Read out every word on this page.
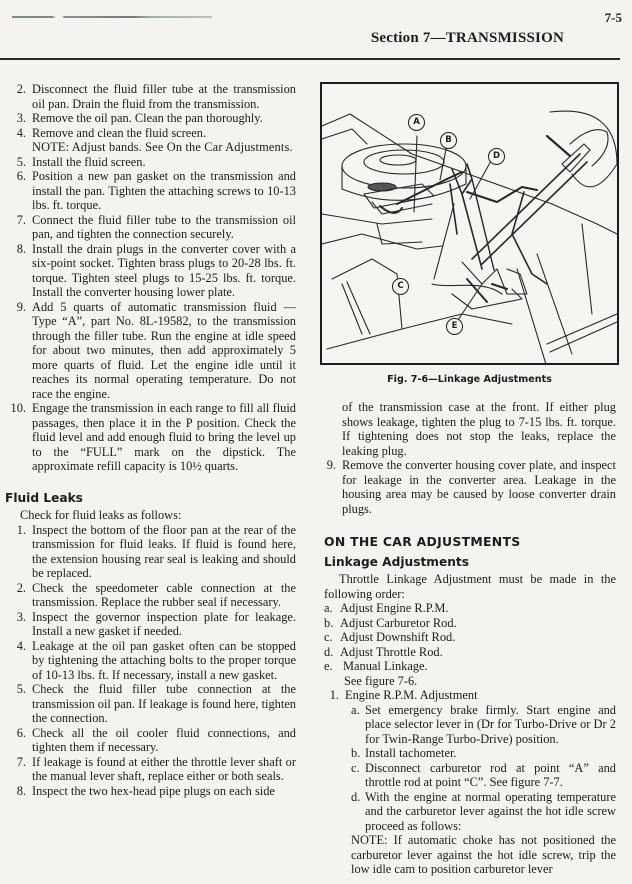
7-5
Section 7—TRANSMISSION
2. Disconnect the fluid filler tube at the transmission oil pan. Drain the fluid from the transmission.
3. Remove the oil pan. Clean the pan thoroughly.
4. Remove and clean the fluid screen.
NOTE: Adjust bands. See On the Car Adjustments.
5. Install the fluid screen.
6. Position a new pan gasket on the transmission and install the pan. Tighten the attaching screws to 10-13 lbs. ft. torque.
7. Connect the fluid filler tube to the transmission oil pan, and tighten the connection securely.
8. Install the drain plugs in the converter cover with a six-point socket. Tighten brass plugs to 20-28 lbs. ft. torque. Tighten steel plugs to 15-25 lbs. ft. torque. Install the converter housing lower plate.
9. Add 5 quarts of automatic transmission fluid — Type “A”, part No. 8L-19582, to the transmission through the filler tube. Run the engine at idle speed for about two minutes, then add approximately 5 more quarts of fluid. Let the engine idle until it reaches its normal operating temperature. Do not race the engine.
10. Engage the transmission in each range to fill all fluid passages, then place it in the P position. Check the fluid level and add enough fluid to bring the level up to the “FULL” mark on the dipstick. The approximate refill capacity is 10½ quarts.
Fluid Leaks
Check for fluid leaks as follows:
1. Inspect the bottom of the floor pan at the rear of the transmission for fluid leaks. If fluid is found here, the extension housing rear seal is leaking and should be replaced.
2. Check the speedometer cable connection at the transmission. Replace the rubber seal if necessary.
3. Inspect the governor inspection plate for leakage. Install a new gasket if needed.
4. Leakage at the oil pan gasket often can be stopped by tightening the attaching bolts to the proper torque of 10-13 lbs. ft. If necessary, install a new gasket.
5. Check the fluid filler tube connection at the transmission oil pan. If leakage is found here, tighten the connection.
6. Check all the oil cooler fluid connections, and tighten them if necessary.
7. If leakage is found at either the throttle lever shaft or the manual lever shaft, replace either or both seals.
8. Inspect the two hex-head pipe plugs on each side
A
B
D
C
E
Fig. 7-6—Linkage Adjustments
of the transmission case at the front. If either plug shows leakage, tighten the plug to 7-15 lbs. ft. torque. If tightening does not stop the leaks, replace the leaking plug.
9. Remove the converter housing cover plate, and inspect for leakage in the converter area. Leakage in the housing area may be caused by loose converter drain plugs.
ON THE CAR ADJUSTMENTS
Linkage Adjustments
Throttle Linkage Adjustment must be made in the following order:
a. Adjust Engine R.P.M.
b. Adjust Carburetor Rod.
c. Adjust Downshift Rod.
d. Adjust Throttle Rod.
e. Manual Linkage.
See figure 7-6.
1. Engine R.P.M. Adjustment
a. Set emergency brake firmly. Start engine and place selector lever in (Dr for Turbo-Drive or Dr 2 for Twin-Range Turbo-Drive) position.
b. Install tachometer.
c. Disconnect carburetor rod at point “A” and throttle rod at point “C”. See figure 7-7.
d. With the engine at normal operating temperature and the carburetor lever against the hot idle screw proceed as follows:
NOTE: If automatic choke has not positioned the carburetor lever against the hot idle screw, trip the low idle cam to position carburetor lever
